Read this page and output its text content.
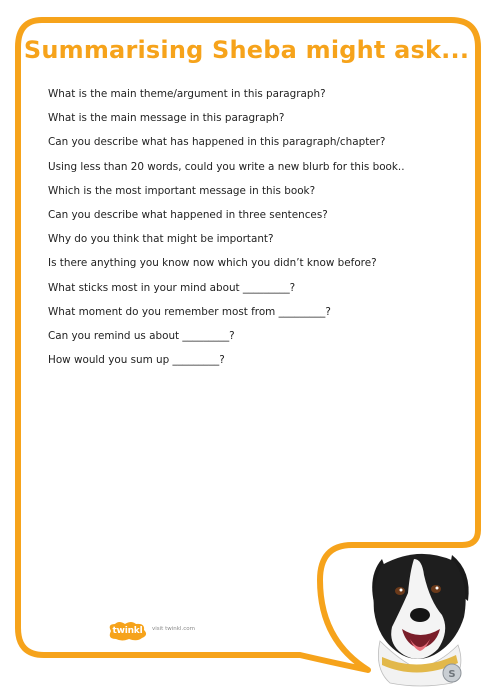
Summarising Sheba might ask...
What is the main theme/argument in this paragraph?
What is the main message in this paragraph?
Can you describe what has happened in this paragraph/chapter?
Using less than 20 words, could you write a new blurb for this book..
Which is the most important message in this book?
Can you describe what happened in three sentences?
Why do you think that might be important?
Is there anything you know now which you didn’t know before?
What sticks most in your mind about _________?
What moment do you remember most from _________?
Can you remind us about _________?
How would you sum up _________?
twinkl	visit twinkl.com
S
